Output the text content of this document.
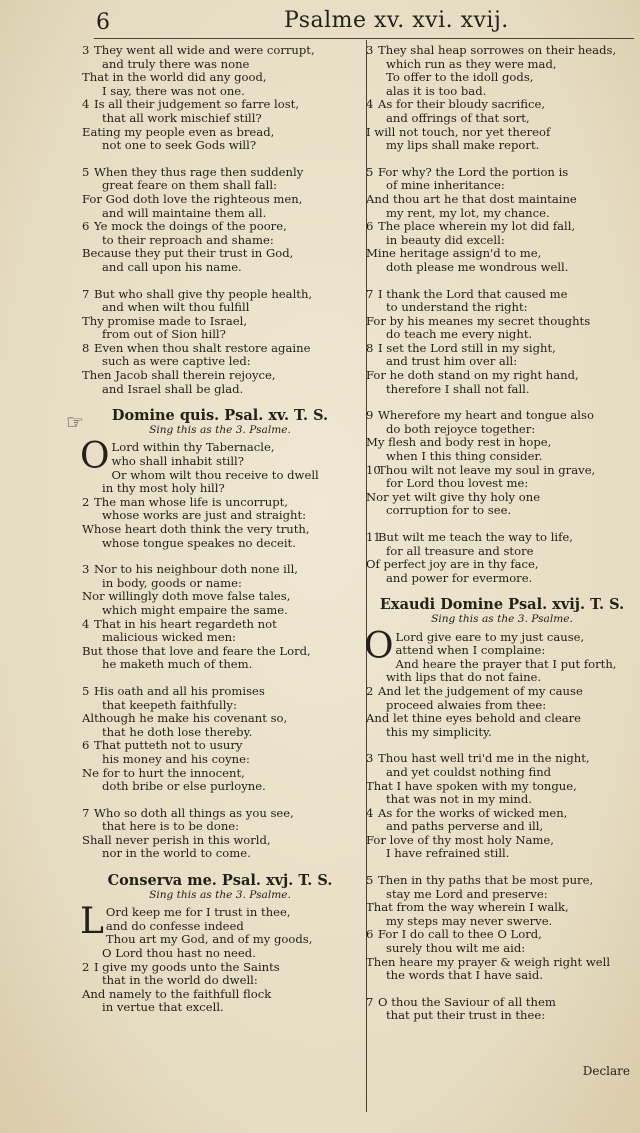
6	Psalme xv. xvi. xvij.
☞
3 They went all wide and were corrupt,
and truly there was none
That in the world did any good,
I say, there was not one.
4 Is all their judgement so farre lost,
that all work mischief still?
Eating my people even as bread,
not one to seek Gods will?
5 When they thus rage then suddenly
great feare on them shall fall:
For God doth love the righteous men,
and will maintaine them all.
6 Ye mock the doings of the poore,
to their reproach and shame:
Because they put their trust in God,
and call upon his name.
7 But who shall give thy people health,
and when wilt thou fulfill
Thy promise made to Israel,
from out of Sion hill?
8 Even when thou shalt restore againe
such as were captive led:
Then Jacob shall therein rejoyce,
and Israel shall be glad.
Domine quis. Psal. xv. T. S.
Sing this as the 3. Psalme.
O Lord within thy Tabernacle,
who shall inhabit still?
Or whom wilt thou receive to dwell
in thy most holy hill?
2 The man whose life is uncorrupt,
whose works are just and straight:
Whose heart doth think the very truth,
whose tongue speakes no deceit.
3 Nor to his neighbour doth none ill,
in body, goods or name:
Nor willingly doth move false tales,
which might empaire the same.
4 That in his heart regardeth not
malicious wicked men:
But those that love and feare the Lord,
he maketh much of them.
5 His oath and all his promises
that keepeth faithfully:
Although he make his covenant so,
that he doth lose thereby.
6 That putteth not to usury
his money and his coyne:
Ne for to hurt the innocent,
doth bribe or else purloyne.
7 Who so doth all things as you see,
that here is to be done:
Shall never perish in this world,
nor in the world to come.
Conserva me. Psal. xvj. T. S.
Sing this as the 3. Psalme.
L Ord keep me for I trust in thee,
and do confesse indeed
Thou art my God, and of my goods,
O Lord thou hast no need.
2 I give my goods unto the Saints
that in the world do dwell:
And namely to the faithfull flock
in vertue that excell.
3 They shal heap sorrowes on their heads,
which run as they were mad,
To offer to the idoll gods,
alas it is too bad.
4 As for their bloudy sacrifice,
and offrings of that sort,
I will not touch, nor yet thereof
my lips shall make report.
5 For why? the Lord the portion is
of mine inheritance:
And thou art he that dost maintaine
my rent, my lot, my chance.
6 The place wherein my lot did fall,
in beauty did excell:
Mine heritage assign'd to me,
doth please me wondrous well.
7 I thank the Lord that caused me
to understand the right:
For by his meanes my secret thoughts
do teach me every night.
8 I set the Lord still in my sight,
and trust him over all:
For he doth stand on my right hand,
therefore I shall not fall.
9 Wherefore my heart and tongue also
do both rejoyce together:
My flesh and body rest in hope,
when I this thing consider.
10Thou wilt not leave my soul in grave,
for Lord thou lovest me:
Nor yet wilt give thy holy one
corruption for to see.
11But wilt me teach the way to life,
for all treasure and store
Of perfect joy are in thy face,
and power for evermore.
Exaudi Domine Psal. xvij. T. S.
Sing this as the 3. Psalme.
O Lord give eare to my just cause,
attend when I complaine:
And heare the prayer that I put forth,
with lips that do not faine.
2 And let the judgement of my cause
proceed alwaies from thee:
And let thine eyes behold and cleare
this my simplicity.
3 Thou hast well tri'd me in the night,
and yet couldst nothing find
That I have spoken with my tongue,
that was not in my mind.
4 As for the works of wicked men,
and paths perverse and ill,
For love of thy most holy Name,
I have refrained still.
5 Then in thy paths that be most pure,
stay me Lord and preserve:
That from the way wherein I walk,
my steps may never swerve.
6 For I do call to thee O Lord,
surely thou wilt me aid:
Then heare my prayer & weigh right well
the words that I have said.
7 O thou the Saviour of all them
that put their trust in thee:
Declare
